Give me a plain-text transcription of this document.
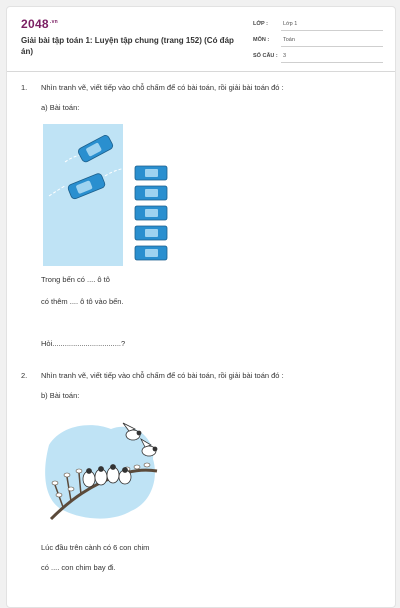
$2048^{.vn}$
Giải bài tập toán 1: Luyện tập chung (trang 152) (Có đáp án)
LỚP :	Lớp 1
MÔN :	Toán
SỐ CÂU : 3
1. Nhìn tranh vẽ, viết tiếp vào chỗ chấm để có bài toán, rồi giải bài toán đó :
a) Bài toán:
Trong bến có .... ô tô
có thêm .... ô tô vào bến.
Hỏi.................................?
2. Nhìn tranh vẽ, viết tiếp vào chỗ chấm để có bài toán, rồi giải bài toán đó :
b) Bài toán:
Lúc đầu trên cành có 6 con chim
có .... con chim bay đi.
